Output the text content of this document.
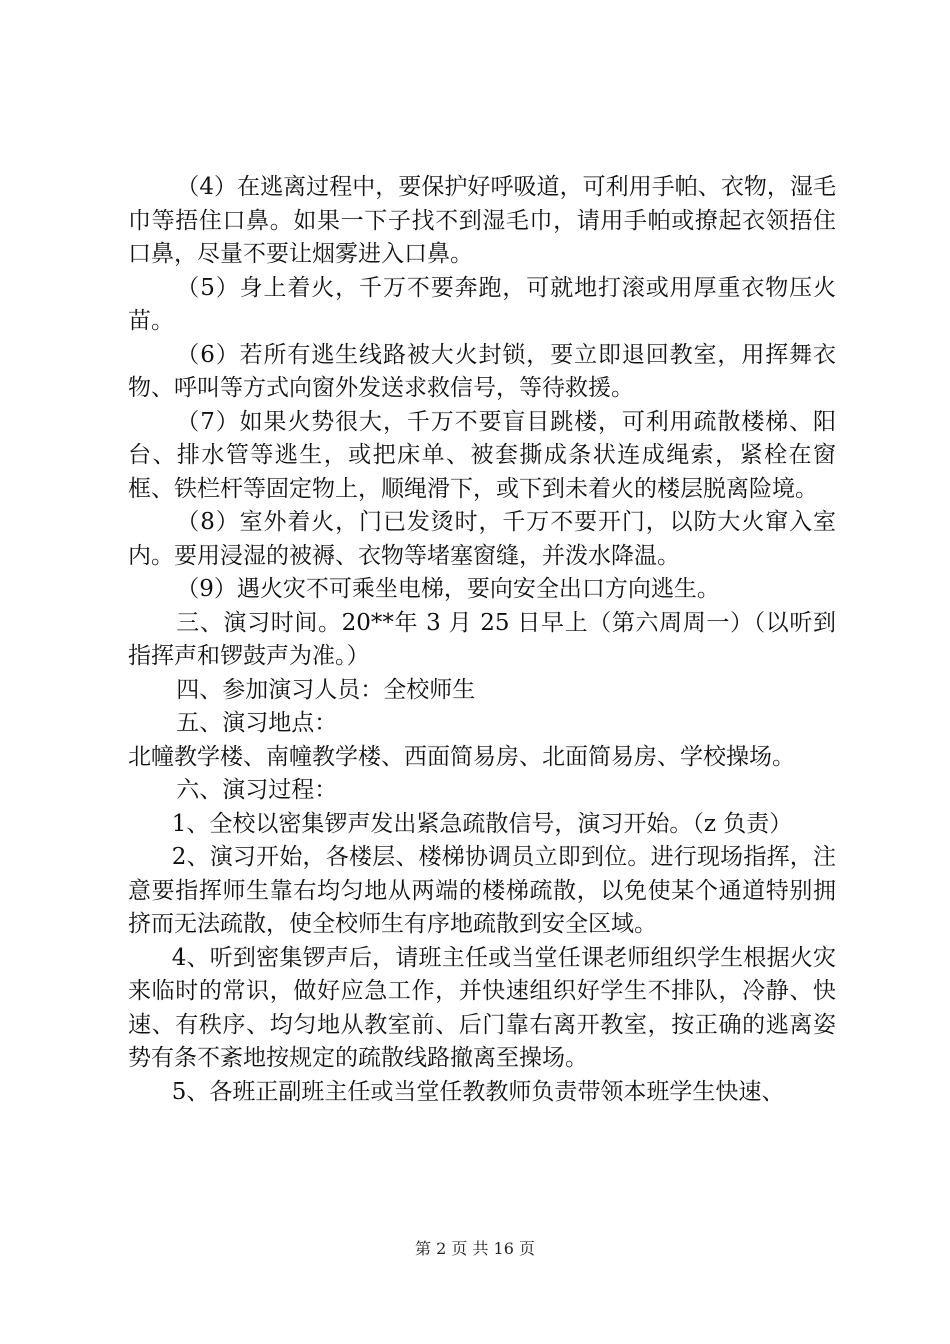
（4）在逃离过程中，要保护好呼吸道，可利用手帕、衣物，湿毛巾等捂住口鼻。如果一下子找不到湿毛巾，请用手帕或撩起衣领捂住口鼻，尽量不要让烟雾进入口鼻。

（5）身上着火，千万不要奔跑，可就地打滚或用厚重衣物压火苗。

（6）若所有逃生线路被大火封锁，要立即退回教室，用挥舞衣物、呼叫等方式向窗外发送求救信号，等待救援。

（7）如果火势很大，千万不要盲目跳楼，可利用疏散楼梯、阳台、排水管等逃生，或把床单、被套撕成条状连成绳索，紧栓在窗框、铁栏杆等固定物上，顺绳滑下，或下到未着火的楼层脱离险境。

（8）室外着火，门已发烫时，千万不要开门，以防大火窜入室内。要用浸湿的被褥、衣物等堵塞窗缝，并泼水降温。

（9）遇火灾不可乘坐电梯，要向安全出口方向逃生。

三、演习时间。20**年 3 月 25 日早上（第六周周一）（以听到指挥声和锣鼓声为准。）

四、参加演习人员：全校师生

五、演习地点：

北幢教学楼、南幢教学楼、西面简易房、北面简易房、学校操场。

六、演习过程：

1、全校以密集锣声发出紧急疏散信号，演习开始。（z 负责）

2、演习开始，各楼层、楼梯协调员立即到位。进行现场指挥，注意要指挥师生靠右均匀地从两端的楼梯疏散，以免使某个通道特别拥挤而无法疏散，使全校师生有序地疏散到安全区域。

4、听到密集锣声后，请班主任或当堂任课老师组织学生根据火灾来临时的常识，做好应急工作，并快速组织好学生不排队，冷静、快速、有秩序、均匀地从教室前、后门靠右离开教室，按正确的逃离姿势有条不紊地按规定的疏散线路撤离至操场。

5、各班正副班主任或当堂任教教师负责带领本班学生快速、

第 2 页 共 16 页
